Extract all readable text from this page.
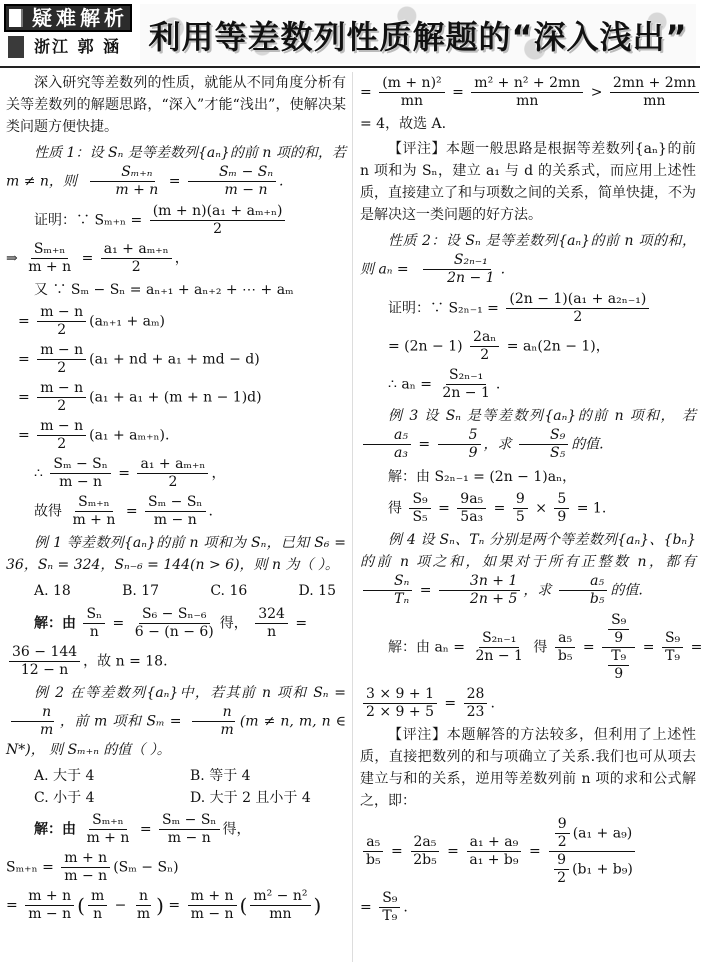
疑难解析
浙江 郭 涵 利用等差数列性质解题的“深入浅出”

深入研究等差数列的性质，就能从不同角度分析有关等差数列的解题思路，“深入”才能“浅出”，使解决某类问题方便快捷。

性质 1：设 Sₙ 是等差数列{aₙ}的前 n 项的和，若 m ≠ n，则 $\frac{\text{Sₘ₊ₙ}}{m + n} = \frac{\text{Sₘ − Sₙ}}{m - n}$ .

证明：∵ $S_{m+n} = \frac{\text{(m + n)(a₁ + aₘ₊ₙ)}}{2}$
⇒ $\frac{\text{Sₘ₊ₙ}}{m + n} = \frac{\text{a₁ + aₘ₊ₙ}}{2}$ ，
又 ∵ Sₘ − Sₙ = aₙ₊₁ + aₙ₊₂ + ⋯ + aₘ
= $\frac{m - n}{2} (a_{n+1} + a_m)$
= $\frac{m - n}{2} (a_1$ + nd + a₁ + md − d)
= $\frac{m - n}{2} (a_1 + a_1 + (m + n - 1)d)$
= $\frac{m - n}{2} (a_1 + a_{m+n})$.
∴ $\frac{\text{Sₘ − Sₙ}}{m - n} = \frac{\text{a₁ + aₘ₊ₙ}}{2}$ ，
故得 $\frac{\text{Sₘ₊ₙ}}{m + n} = \frac{\text{Sₘ − Sₙ}}{m - n}$ .

例 1 等差数列{aₙ}的前 n 项和为 Sₙ，已知 S₆ = 36，Sₙ = 324，Sₙ₋₆ = 144(n > 6)，则 n 为（ ）。

A. 18	B. 17	C. 16	D. 15
解：由 $\frac{\text{Sₙ}}{n} = \frac{\text{S₆ − Sₙ₋₆}}{6 - (n - 6)}$ 得， $\frac{324}{n}$ =
$\frac{36 - 144}{12 - n}$ ，故 n = 18.

例 2 在等差数列{aₙ}中，若其前 n 项和 Sₙ =
$\frac{n}{m}$ ，前 m 项和 $S_m = \frac{n}{m} (m \ne n$, m, n ∈ N*)， 则 Sₘ₊ₙ 的值（ ）。

A. 大于 4	B. 等于 4
C. 小于 4	D. 大于 2 且小于 4
解：由 $\frac{\text{Sₘ₊ₙ}}{m + n} = \frac{\text{Sₘ − Sₙ}}{m - n}$ 得，
$S_{m+n} = \frac{m + n}{m - n} (S_m - S_n)$
= $\frac{m + n}{m - n}$ ( $\frac{m}{n} - \frac{n}{m}$ ) = $\frac{m + n}{m - n}$ ( $\frac{\text{m² − n²}}{mn}$ )
= $\frac{\text{(m + n)²}}{mn} = \frac{\text{m² + n² + 2mn}}{mn} > \frac{2mn + 2mn}{mn}$
= 4，故选 A.

【评注】本题一般思路是根据等差数列{aₙ}的前 n 项和为 Sₙ，建立 a₁ 与 d 的关系式，而应用上述性质，直接建立了和与项数之间的关系，简单快捷，不为是解决这一类问题的好方法。

性质 2：设 Sₙ 是等差数列{aₙ}的前 n 项的和，则 $a_n = \frac{\text{S₂ₙ₋₁}}{2n - 1}$ .

证明：∵ $S_{2n-1} = \frac{\text{(2n − 1)(a₁ + a₂ₙ₋₁)}}{2}$
= $(2n - 1) \frac{\text{2aₙ}}{2} = a_n(2n - 1)$，
∴ $a_n = \frac{\text{S₂ₙ₋₁}}{2n - 1}$ .

例 3 设 Sₙ 是等差数列{aₙ}的前 n 项和， 若
$\frac{\text{a₅}}{\text{a₃}} = \frac{5}{9}$ ，求 $\frac{\text{S₉}}{\text{S₅}}$ 的值.

解：由 S₂ₙ₋₁ = (2n − 1)aₙ，
得 $\frac{\text{S₉}}{\text{S₅}} = \frac{\text{9a₅}}{\text{5a₃}} = \frac{9}{5} \times \frac{5}{9} = 1$.

例 4 设 Sₙ、Tₙ 分别是两个等差数列{aₙ}、{bₙ}的前 n 项之和，如果对于所有正整数 n，都有
$\frac{\text{Sₙ}}{\text{Tₙ}} = \frac{3n + 1}{2n + 5}$ ，求 $\frac{\text{a₅}}{\text{b₅}}$ 的值.

解：由 $a_n = \frac{\text{S₂ₙ₋₁}}{2n - 1}$ 得 $\frac{\text{a₅}}{\text{b₅}} = \frac{\frac{\text{S₉}}{9}}{\frac{\text{T₉}}{9}} = \frac{\text{S₉}}{\text{T₉}}$ =
$\frac{3 \times 9 + 1}{2 \times 9 + 5} = \frac{28}{23}$ .

【评注】本题解答的方法较多，但利用了上述性质，直接把数列的和与项确立了关系.我们也可从项去建立与和的关系，逆用等差数列前 n 项的求和公式解之，即：

$\frac{\text{a₅}}{\text{b₅}} = \frac{\text{2a₅}}{\text{2b₅}} = \frac{\text{a₁ + a₉}}{\text{a₁ + b₉}} = \frac{\frac{9}{2} (a_1 + a_9)}{\frac{9}{2} (b_1 + b_9)}$
= $\frac{\text{S₉}}{\text{T₉}}$ .
